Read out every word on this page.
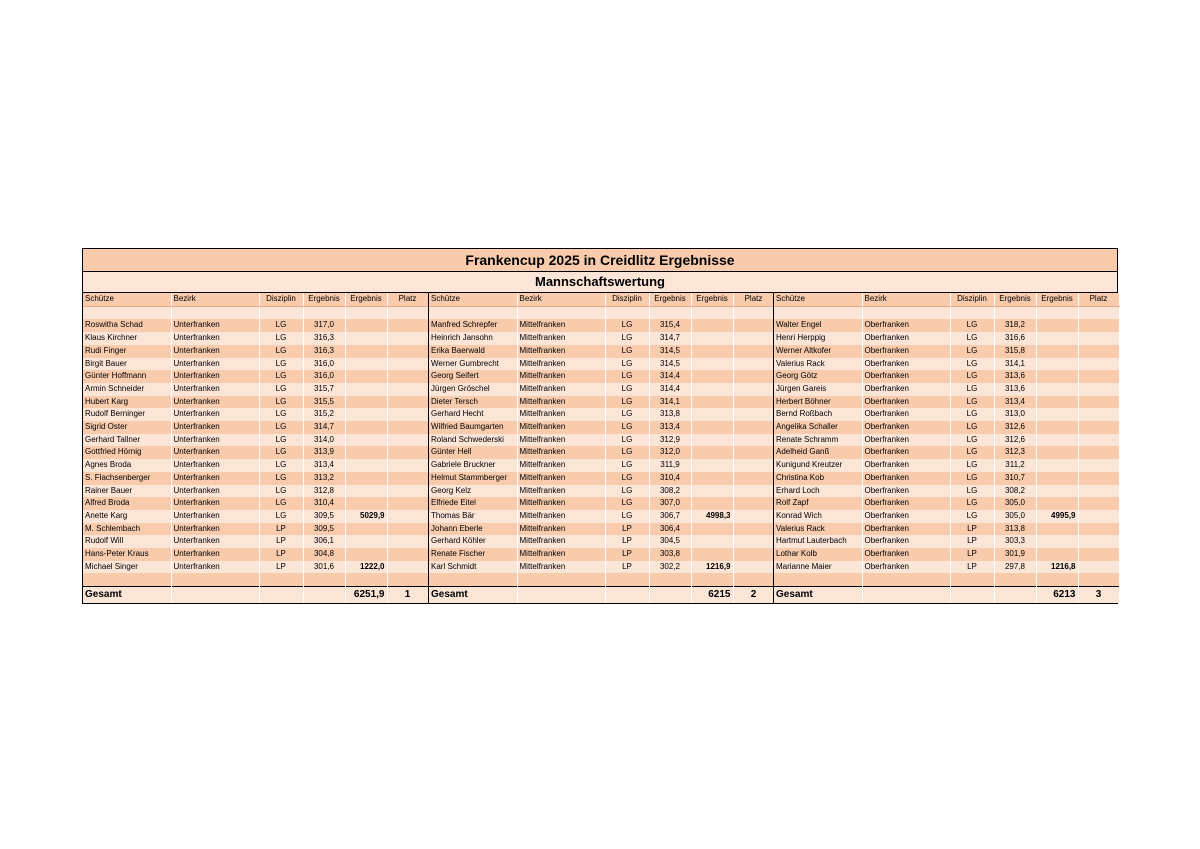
Frankencup 2025 in Creidlitz Ergebnisse
Mannschaftswertung
Schütze	Bezirk	Disziplin	Ergebnis	Ergebnis	Platz

Roswitha Schad	Unterfranken	LG	317,0		
Klaus Kirchner	Unterfranken	LG	316,3		
Rudi Finger	Unterfranken	LG	316,3		
Birgit Bauer	Unterfranken	LG	316,0		
Günter Hoffmann	Unterfranken	LG	316,0		
Armin Schneider	Unterfranken	LG	315,7		
Hubert Karg	Unterfranken	LG	315,5		
Rudolf Berninger	Unterfranken	LG	315,2		
Sigrid Oster	Unterfranken	LG	314,7		
Gerhard Tallner	Unterfranken	LG	314,0		
Gottfried Hörnig	Unterfranken	LG	313,9		
Agnes Broda	Unterfranken	LG	313,4		
S. Flachsenberger	Unterfranken	LG	313,2		
Rainer Bauer	Unterfranken	LG	312,8		
Alfred Broda	Unterfranken	LG	310,4		
Anette Karg	Unterfranken	LG	309,5	5029,9	
M. Schlembach	Unterfranken	LP	309,5		
Rudolf Will	Unterfranken	LP	306,1		
Hans-Peter Kraus	Unterfranken	LP	304,8		
Michael Singer	Unterfranken	LP	301,6	1222,0	

Gesamt				6251,9	1
Schütze	Bezirk	Disziplin	Ergebnis	Ergebnis	Platz

Manfred Schrepfer	Mittelfranken	LG	315,4		
Heinrich Jansohn	Mittelfranken	LG	314,7		
Erika Baerwald	Mittelfranken	LG	314,5		
Werner Gumbrecht	Mittelfranken	LG	314,5		
Georg Seifert	Mittelfranken	LG	314,4		
Jürgen Gröschel	Mittelfranken	LG	314,4		
Dieter Tersch	Mittelfranken	LG	314,1		
Gerhard Hecht	Mittelfranken	LG	313,8		
Wilfried Baumgarten	Mittelfranken	LG	313,4		
Roland Schwederski	Mittelfranken	LG	312,9		
Günter Hell	Mittelfranken	LG	312,0		
Gabriele Bruckner	Mittelfranken	LG	311,9		
Helmut Stammberger	Mittelfranken	LG	310,4		
Georg Kelz	Mittelfranken	LG	308,2		
Elfriede Eitel	Mittelfranken	LG	307,0		
Thomas Bär	Mittelfranken	LG	306,7	4998,3	
Johann Eberle	Mittelfranken	LP	306,4		
Gerhard Köhler	Mittelfranken	LP	304,5		
Renate Fischer	Mittelfranken	LP	303,8		
Karl Schmidt	Mittelfranken	LP	302,2	1216,9	

Gesamt				6215	2
Schütze	Bezirk	Disziplin	Ergebnis	Ergebnis	Platz

Walter Engel	Oberfranken	LG	318,2		
Henri Herppig	Oberfranken	LG	316,6		
Werner Altkofer	Oberfranken	LG	315,8		
Valerius Rack	Oberfranken	LG	314,1		
Georg Götz	Oberfranken	LG	313,6		
Jürgen Gareis	Oberfranken	LG	313,6		
Herbert Böhner	Oberfranken	LG	313,4		
Bernd Roßbach	Oberfranken	LG	313,0		
Angelika Schaller	Oberfranken	LG	312,6		
Renate Schramm	Oberfranken	LG	312,6		
Adelheid Ganß	Oberfranken	LG	312,3		
Kunigund Kreutzer	Oberfranken	LG	311,2		
Christina Kob	Oberfranken	LG	310,7		
Erhard Loch	Oberfranken	LG	308,2		
Rolf Zapf	Oberfranken	LG	305,0		
Konrad Wich	Oberfranken	LG	305,0	4995,9	
Valerius Rack	Oberfranken	LP	313,8		
Hartmut Lauterbach	Oberfranken	LP	303,3		
Lothar Kolb	Oberfranken	LP	301,9		
Marianne Maier	Oberfranken	LP	297,8	1216,8	

Gesamt				6213	3
